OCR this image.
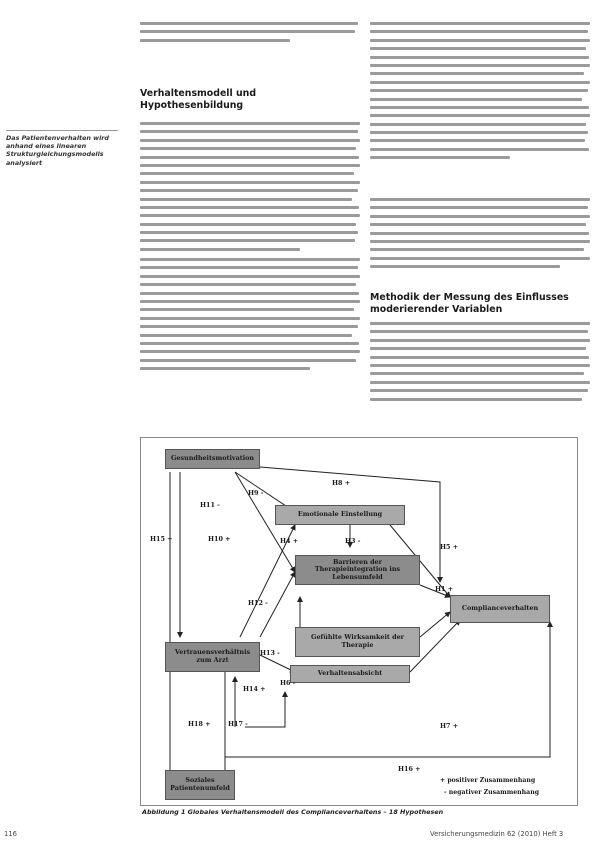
Verhaltensmodell und
Hypothesenbildung
Das Patientenverhalten wird anhand eines linearen Strukturgleichungsmodells analysiert
Methodik der Messung des Einflusses
moderierender Variablen
Gesundheitsmotivation
Emotionale Einstellung
Barrieren der Therapieintegration ins Lebensumfeld
Complianceverhalten
Gefühlte Wirksamkeit der Therapie
Vertrauensverhältnis zum Arzt
Verhaltensabsicht
Soziales Patientenumfeld
H1 +
H3 -
H4 +
H5 +
H6 -
H7 +
H8 +
H9 -
H10 +
H11 -
H12 -
H13 -
H14 +
H15 +
H16 +
H17 -
H18 +
+ positiver Zusammenhang
- negativer Zusammenhang
Abbildung 1 Globales Verhaltensmodell des Complianceverhaltens – 18 Hypothesen
116	Versicherungsmedizin 62 (2010) Heft 3
